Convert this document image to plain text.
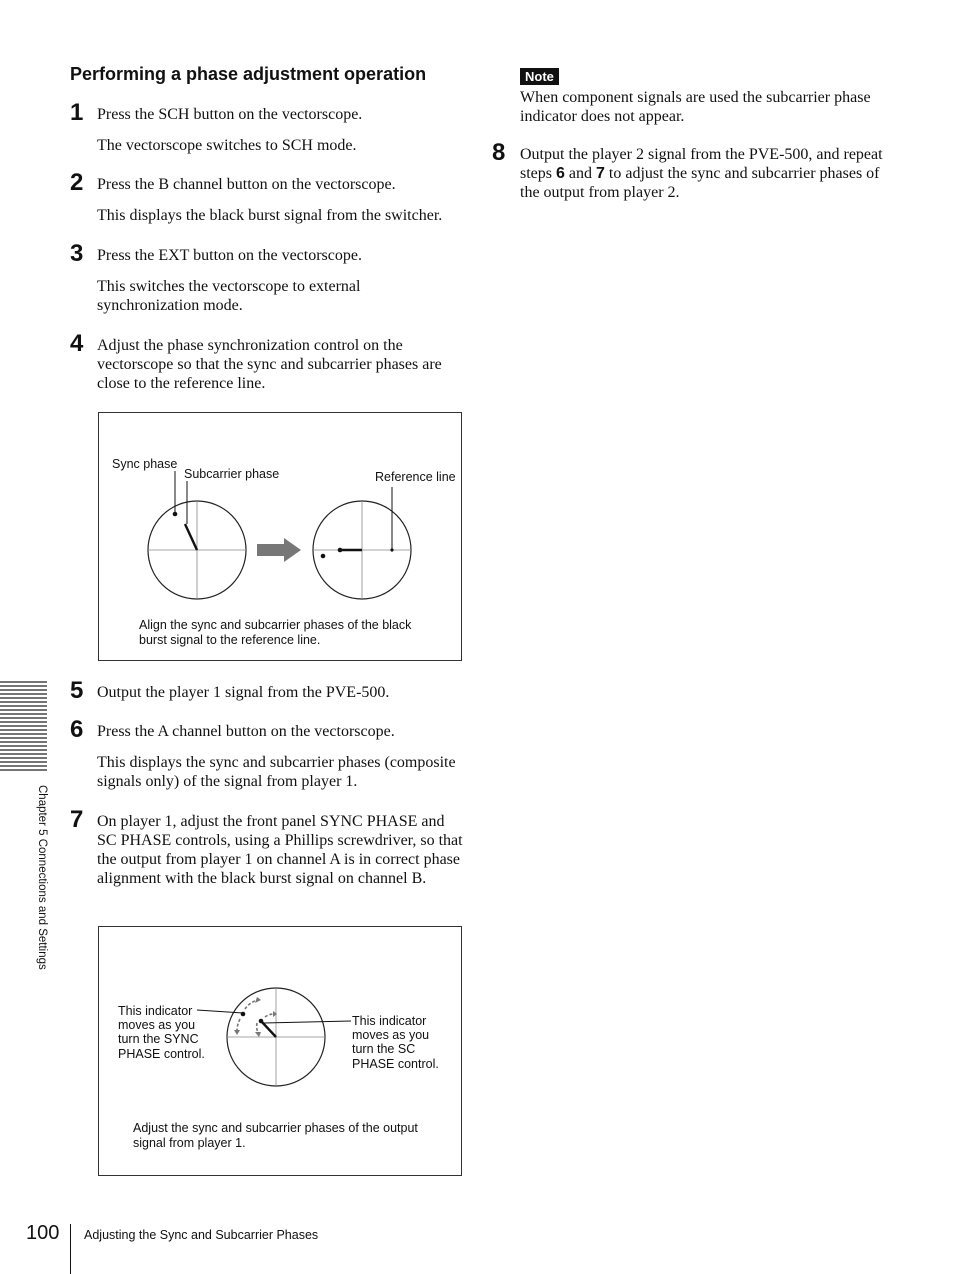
Performing a phase adjustment operation
1 Press the SCH button on the vectorscope.

The vectorscope switches to SCH mode.

2 Press the B channel button on the vectorscope.

This displays the black burst signal from the switcher.

3 Press the EXT button on the vectorscope.

This switches the vectorscope to external synchronization mode.

4 Adjust the phase synchronization control on the vectorscope so that the sync and subcarrier phases are close to the reference line.

Sync phase
Subcarrier phase	Reference line
Align the sync and subcarrier phases of the black
burst signal to the reference line.
5 Output the player 1 signal from the PVE-500.

6 Press the A channel button on the vectorscope.

This displays the sync and subcarrier phases (composite signals only) of the signal from player 1.

7 On player 1, adjust the front panel SYNC PHASE and SC PHASE controls, using a Phillips screwdriver, so that the output from player 1 on channel A is in correct phase alignment with the black burst signal on channel B.

This indicator
moves as you
turn the SYNC
PHASE control.
This indicator
moves as you
turn the SC
PHASE control.
Adjust the sync and subcarrier phases of the output
signal from player 1.
Note
When component signals are used the subcarrier phase indicator does not appear.
8 Output the player 2 signal from the PVE-500, and repeat steps 6 and 7 to adjust the sync and subcarrier phases of the output from player 2.

Chapter 5 Connections and Settings
100 Adjusting the Sync and Subcarrier Phases
